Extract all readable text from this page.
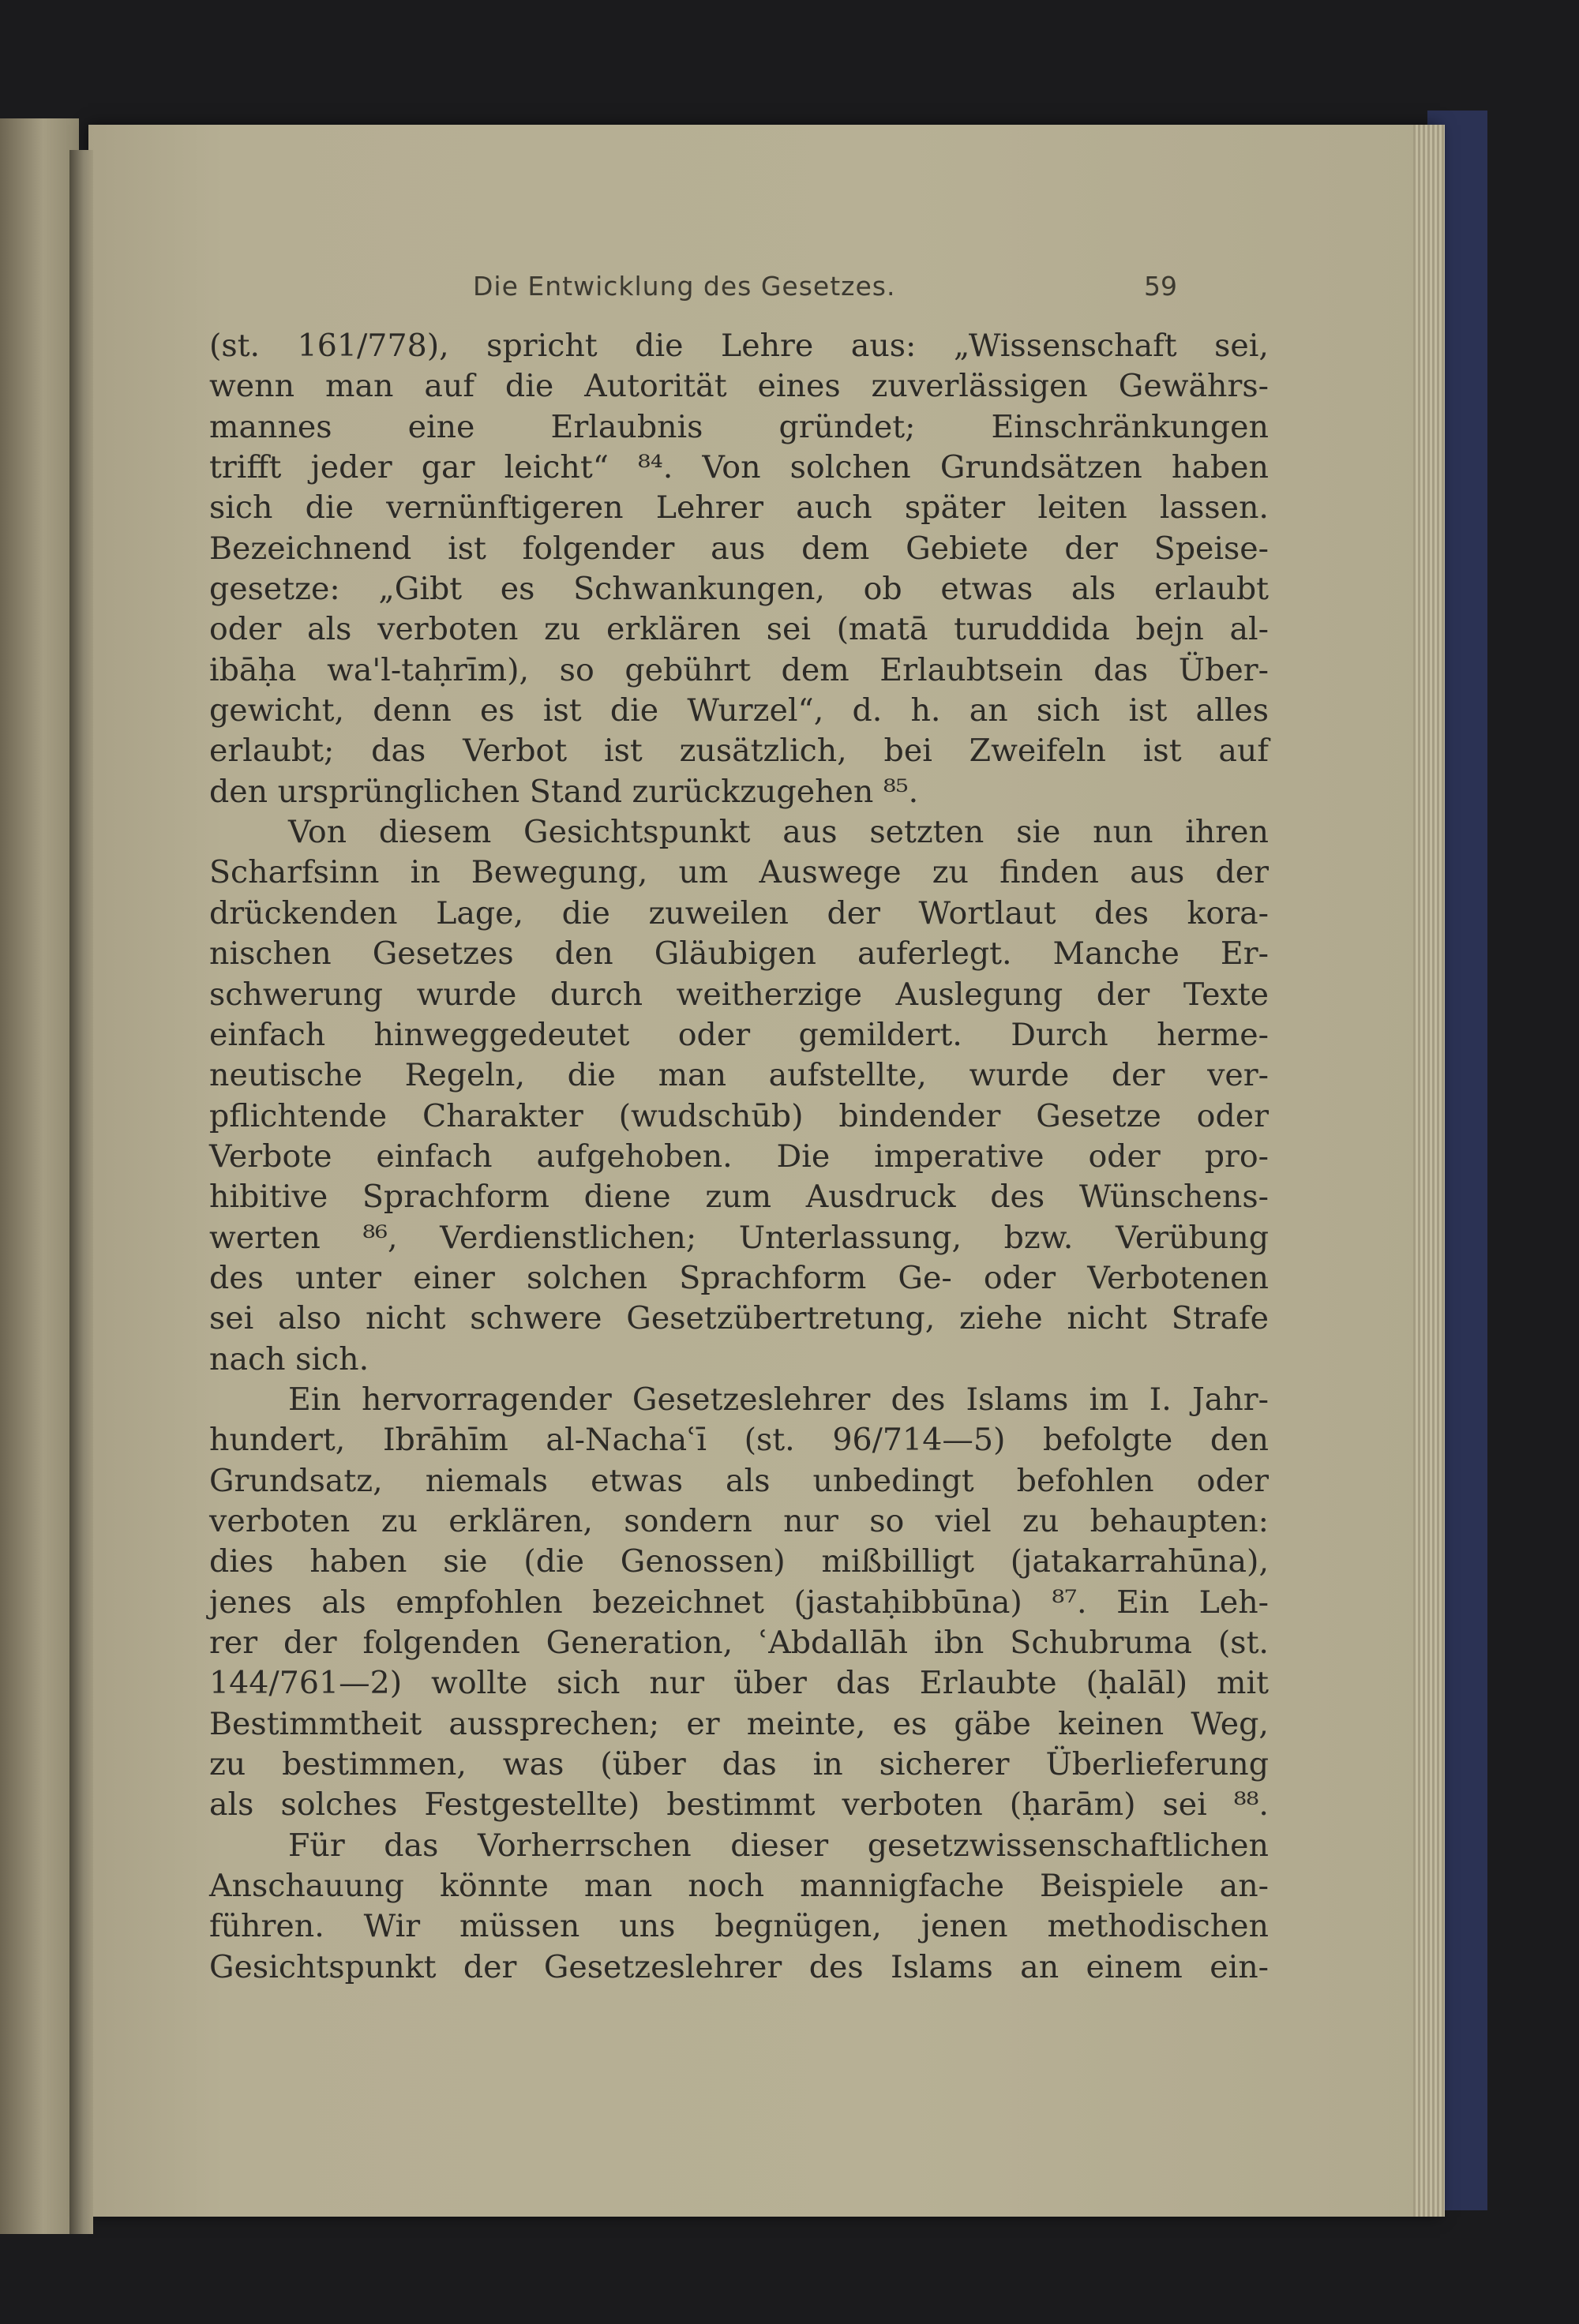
Die Entwicklung des Gesetzes.	59
(st. 161/778), spricht die Lehre aus: „Wissenschaft sei,
wenn man auf die Autorität eines zuverlässigen Gewährs-
mannes eine Erlaubnis gründet; Einschränkungen
trifft jeder gar leicht“ ⁸⁴. Von solchen Grundsätzen haben
sich die vernünftigeren Lehrer auch später leiten lassen.
Bezeichnend ist folgender aus dem Gebiete der Speise-
gesetze: „Gibt es Schwankungen, ob etwas als erlaubt
oder als verboten zu erklären sei (matā turuddida bejn al-
ibāḥa wa'l-taḥrīm), so gebührt dem Erlaubtsein das Über-
gewicht, denn es ist die Wurzel“, d. h. an sich ist alles
erlaubt; das Verbot ist zusätzlich, bei Zweifeln ist auf
den ursprünglichen Stand zurückzugehen ⁸⁵.
Von diesem Gesichtspunkt aus setzten sie nun ihren
Scharfsinn in Bewegung, um Auswege zu finden aus der
drückenden Lage, die zuweilen der Wortlaut des kora-
nischen Gesetzes den Gläubigen auferlegt. Manche Er-
schwerung wurde durch weitherzige Auslegung der Texte
einfach hinweggedeutet oder gemildert. Durch herme-
neutische Regeln, die man aufstellte, wurde der ver-
pflichtende Charakter (wudschūb) bindender Gesetze oder
Verbote einfach aufgehoben. Die imperative oder pro-
hibitive Sprachform diene zum Ausdruck des Wünschens-
werten ⁸⁶, Verdienstlichen; Unterlassung, bzw. Verübung
des unter einer solchen Sprachform Ge- oder Verbotenen
sei also nicht schwere Gesetzübertretung, ziehe nicht Strafe
nach sich.
Ein hervorragender Gesetzeslehrer des Islams im I. Jahr-
hundert, Ibrāhīm al-Nachaʿī (st. 96/714—5) befolgte den
Grundsatz, niemals etwas als unbedingt befohlen oder
verboten zu erklären, sondern nur so viel zu behaupten:
dies haben sie (die Genossen) mißbilligt (jatakarrahūna),
jenes als empfohlen bezeichnet (jastaḥibbūna) ⁸⁷. Ein Leh-
rer der folgenden Generation, ʿAbdallāh ibn Schubruma (st.
144/761—2) wollte sich nur über das Erlaubte (ḥalāl) mit
Bestimmtheit aussprechen; er meinte, es gäbe keinen Weg,
zu bestimmen, was (über das in sicherer Überlieferung
als solches Festgestellte) bestimmt verboten (ḥarām) sei ⁸⁸.
Für das Vorherrschen dieser gesetzwissenschaftlichen
Anschauung könnte man noch mannigfache Beispiele an-
führen. Wir müssen uns begnügen, jenen methodischen
Gesichtspunkt der Gesetzeslehrer des Islams an einem ein-
